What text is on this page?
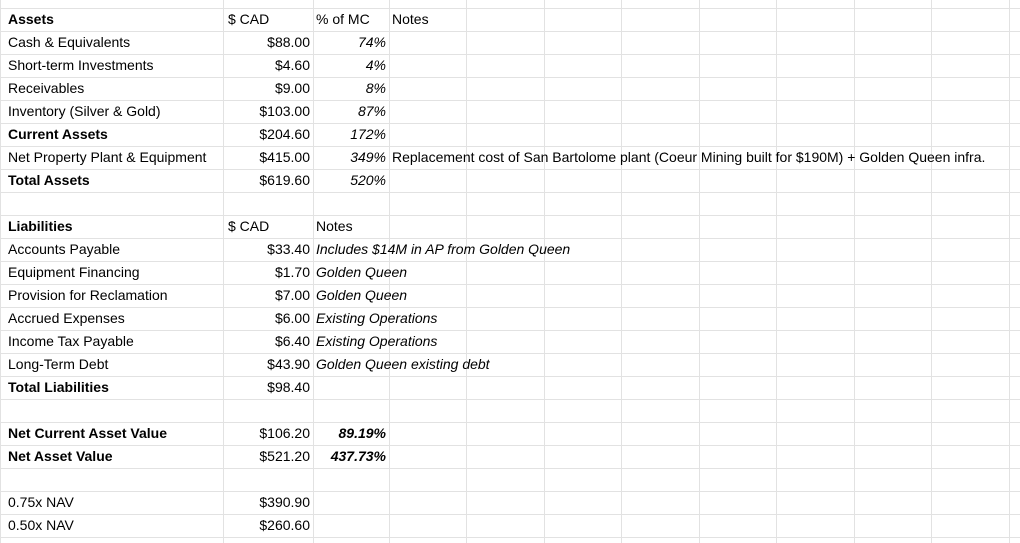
Assets	$ CAD	% of MC Notes
Cash & Equivalents	$88.00	74%
Short-term Investments	$4.60	4%
Receivables	$9.00	8%
Inventory (Silver & Gold)	$103.00	87%
Current Assets	$204.60	172%
Net Property Plant & Equipment	$415.00	349% Replacement cost of San Bartolome plant (Coeur Mining built for $190M) + Golden Queen infra.
Total Assets	$619.60	520%
Liabilities	$ CAD	Notes
Accounts Payable	$33.40 Includes $14M in AP from Golden Queen
Equipment Financing	$1.70 Golden Queen
Provision for Reclamation	$7.00 Golden Queen
Accrued Expenses	$6.00 Existing Operations
Income Tax Payable	$6.40 Existing Operations
Long-Term Debt	$43.90 Golden Queen existing debt
Total Liabilities	$98.40
Net Current Asset Value	$106.20 89.19%
Net Asset Value	$521.20 437.73%
0.75x NAV	$390.90
0.50x NAV	$260.60
